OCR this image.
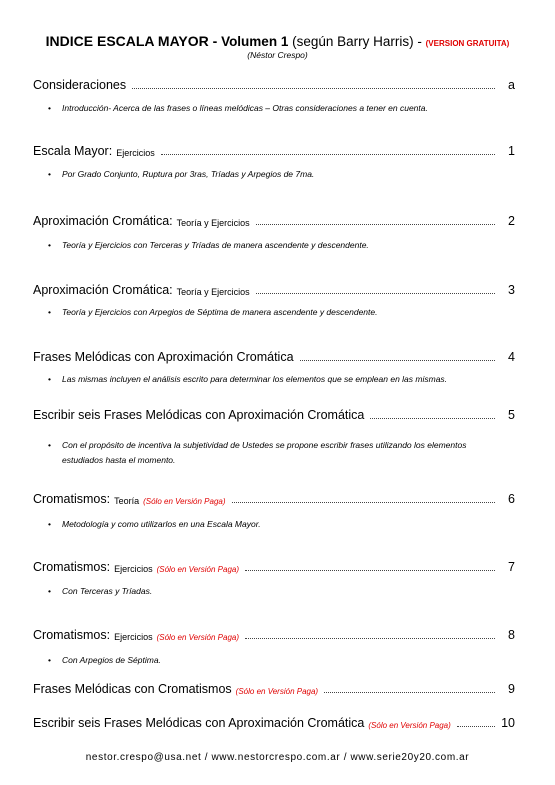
INDICE ESCALA MAYOR - Volumen 1 (según Barry Harris) - (VERSION GRATUITA)
(Néstor Crespo)
Consideraciones	a
• Introducción- Acerca de las frases o líneas melódicas – Otras consideraciones a tener en cuenta.
Escala Mayor: Ejercicios	1
• Por Grado Conjunto, Ruptura por 3ras, Tríadas y Arpegios de 7ma.
Aproximación Cromática: Teoría y Ejercicios	2
• Teoría y Ejercicios con Terceras y Tríadas de manera ascendente y descendente.
Aproximación Cromática: Teoría y Ejercicios	3
• Teoría y Ejercicios con Arpegios de Séptima de manera ascendente y descendente.
Frases Melódicas con Aproximación Cromática	4
• Las mismas incluyen el análisis escrito para determinar los elementos que se emplean en las mismas.
Escribir seis Frases Melódicas con Aproximación Cromática	5
• Con el propósito de incentiva la subjetividad de Ustedes se propone escribir frases utilizando los elementos estudiados hasta el momento.
Cromatismos: Teoría (Sólo en Versión Paga)	6
• Metodología y como utilizarlos en una Escala Mayor.
Cromatismos: Ejercicios (Sólo en Versión Paga)	7
• Con Terceras y Tríadas.
Cromatismos: Ejercicios (Sólo en Versión Paga)	8
• Con Arpegios de Séptima.
Frases Melódicas con Cromatismos (Sólo en Versión Paga)	9
Escribir seis Frases Melódicas con Aproximación Cromática (Sólo en Versión Paga)	10
nestor.crespo@usa.net / www.nestorcrespo.com.ar / www.serie20y20.com.ar
